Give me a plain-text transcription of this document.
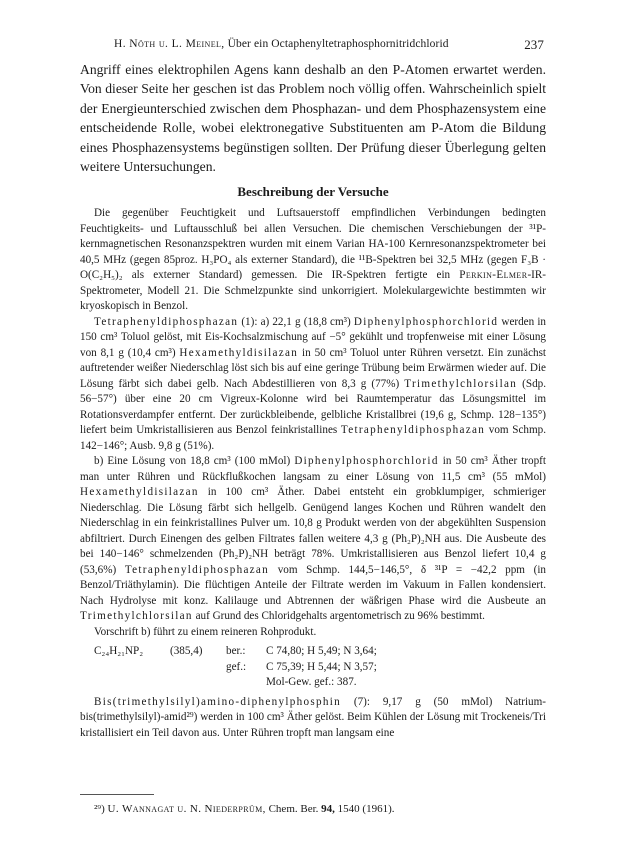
H. Nöth u. L. Meinel, Über ein Octaphenyltetraphosphornitridchlorid	237

Angriff eines elektrophilen Agens kann deshalb an den P-Atomen erwartet werden. Von dieser Seite her geschen ist das Problem noch völlig offen. Wahrscheinlich spielt der Energieunterschied zwischen dem Phosphazan- und dem Phosphazensystem eine entscheidende Rolle, wobei elektronegative Substituenten am P-Atom die Bildung eines Phosphazensystems begünstigen sollten. Der Prüfung dieser Überlegung gelten weitere Untersuchungen.

Beschreibung der Versuche

Die gegenüber Feuchtigkeit und Luftsauerstoff empfindlichen Verbindungen bedingten Feuchtigkeits- und Luftausschluß bei allen Versuchen. Die chemischen Verschiebungen der ³¹P-kernmagnetischen Resonanzspektren wurden mit einem Varian HA-100 Kernresonanzspektrometer bei 40,5 MHz (gegen 85proz. H₃PO₄ als externer Standard), die ¹¹B-Spektren bei 32,5 MHz (gegen F₃B · O(C₂H₅)₂ als externer Standard) gemessen. Die IR-Spektren fertigte ein Perkin-Elmer-IR-Spektrometer, Modell 21. Die Schmelzpunkte sind unkorrigiert. Molekulargewichte bestimmten wir kryoskopisch in Benzol.

Tetraphenyldiphosphazan (1): a) 22,1 g (18,8 cm³) Diphenylphosphorchlorid werden in 150 cm³ Toluol gelöst, mit Eis-Kochsalzmischung auf −5° gekühlt und tropfenweise mit einer Lösung von 8,1 g (10,4 cm³) Hexamethyldisilazan in 50 cm³ Toluol unter Rühren versetzt. Ein zunächst auftretender weißer Niederschlag löst sich bis auf eine geringe Trübung beim Erwärmen wieder auf. Die Lösung färbt sich dabei gelb. Nach Abdestillieren von 8,3 g (77%) Trimethylchlorsilan (Sdp. 56−57°) über eine 20 cm Vigreux-Kolonne wird bei Raumtemperatur das Lösungsmittel im Rotationsverdampfer entfernt. Der zurückbleibende, gelbliche Kristallbrei (19,6 g, Schmp. 128−135°) liefert beim Umkristallisieren aus Benzol feinkristallines Tetraphenyldiphosphazan vom Schmp. 142−146°; Ausb. 9,8 g (51%).

b) Eine Lösung von 18,8 cm³ (100 mMol) Diphenylphosphorchlorid in 50 cm³ Äther tropft man unter Rühren und Rückflußkochen langsam zu einer Lösung von 11,5 cm³ (55 mMol) Hexamethyldisilazan in 100 cm³ Äther. Dabei entsteht ein grobklumpiger, schmieriger Niederschlag. Die Lösung färbt sich hellgelb. Genügend langes Kochen und Rühren wandelt den Niederschlag in ein feinkristallines Pulver um. 10,8 g Produkt werden von der abgekühlten Suspension abfiltriert. Durch Einengen des gelben Filtrates fallen weitere 4,3 g (Ph₂P)₂NH aus. Die Ausbeute des bei 140−146° schmelzenden (Ph₂P)₂NH beträgt 78%. Umkristallisieren aus Benzol liefert 10,4 g (53,6%) Tetraphenyldiphosphazan vom Schmp. 144,5−146,5°, δ ³¹P = −42,2 ppm (in Benzol/Triäthylamin). Die flüchtigen Anteile der Filtrate werden im Vakuum in Fallen kondensiert. Nach Hydrolyse mit konz. Kalilauge und Abtrennen der wäßrigen Phase wird die Ausbeute an Trimethylchlorsilan auf Grund des Chloridgehalts argentometrisch zu 96% bestimmt.

Vorschrift b) führt zu einem reineren Rohprodukt.

C₂₄H₂₁NP₂	(385,4)	ber.:	C 74,80; H 5,49; N 3,64;
gef.:	C 75,39; H 5,44; N 3,57;
Mol-Gew. gef.: 387.

Bis(trimethylsilyl)amino-diphenylphosphin (7): 9,17 g (50 mMol) Natrium-bis(trimethylsilyl)-amid²⁹) werden in 100 cm³ Äther gelöst. Beim Kühlen der Lösung mit Trockeneis/Tri kristallisiert ein Teil davon aus. Unter Rühren tropft man langsam eine

²⁹) U. Wannagat u. N. Niederprüm, Chem. Ber. 94, 1540 (1961).
